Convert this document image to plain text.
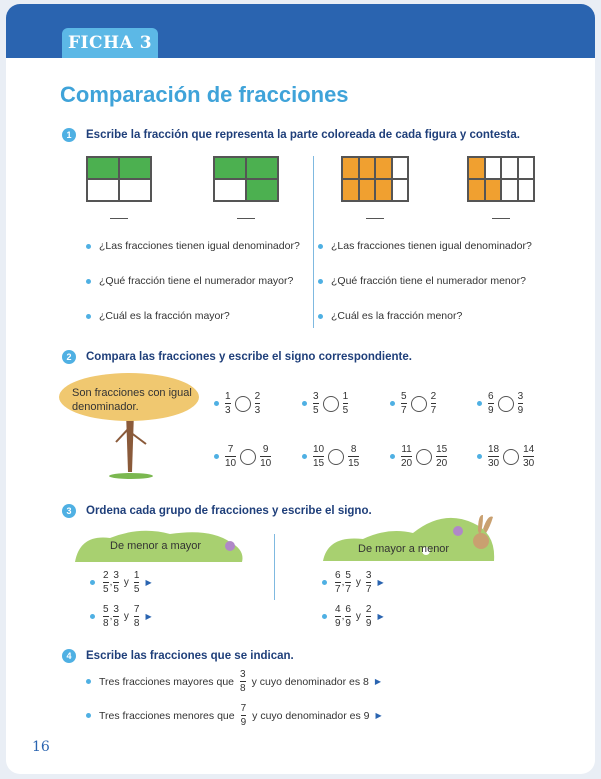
FICHA 3
Comparación de fracciones
1	Escribe la fracción que representa la parte coloreada de cada figura y contesta.
¿Las fracciones tienen igual denominador?
¿Qué fracción tiene el numerador mayor?
¿Cuál es la fracción mayor?
¿Las fracciones tienen igual denominador?
¿Qué fracción tiene el numerador menor?
¿Cuál es la fracción menor?
2	Compara las fracciones y escribe el signo correspondiente.
Son fracciones con igual denominador.	$\frac{1}{3} \frac{2}{3}$	$\frac{3}{5} \frac{1}{5}$	$\frac{5}{7} \frac{2}{7}$	$\frac{6}{9} \frac{3}{9}$
$\frac{7}{10} \frac{9}{10}$	$\frac{10}{15} \frac{8}{15}$	$\frac{11}{20} \frac{15}{20}$	$\frac{18}{30} \frac{14}{30}$
3	Ordena cada grupo de fracciones y escribe el signo.
De menor a mayor	De mayor a menor
$\frac{2}{5}$ , $\frac{3}{5}$ y $\frac{1}{5}$ ▶
$\frac{5}{8}$ , $\frac{3}{8}$ y $\frac{7}{8}$ ▶
$\frac{6}{7}$ , $\frac{5}{7}$ y $\frac{3}{7}$ ▶
$\frac{4}{9}$ , $\frac{6}{9}$ y $\frac{2}{9}$ ▶
4	Escribe las fracciones que se indican.
Tres fracciones mayores que $\frac{3}{8}$ y cuyo denominador es 8 ▶
Tres fracciones menores que $\frac{7}{9}$ y cuyo denominador es 9 ▶
16
